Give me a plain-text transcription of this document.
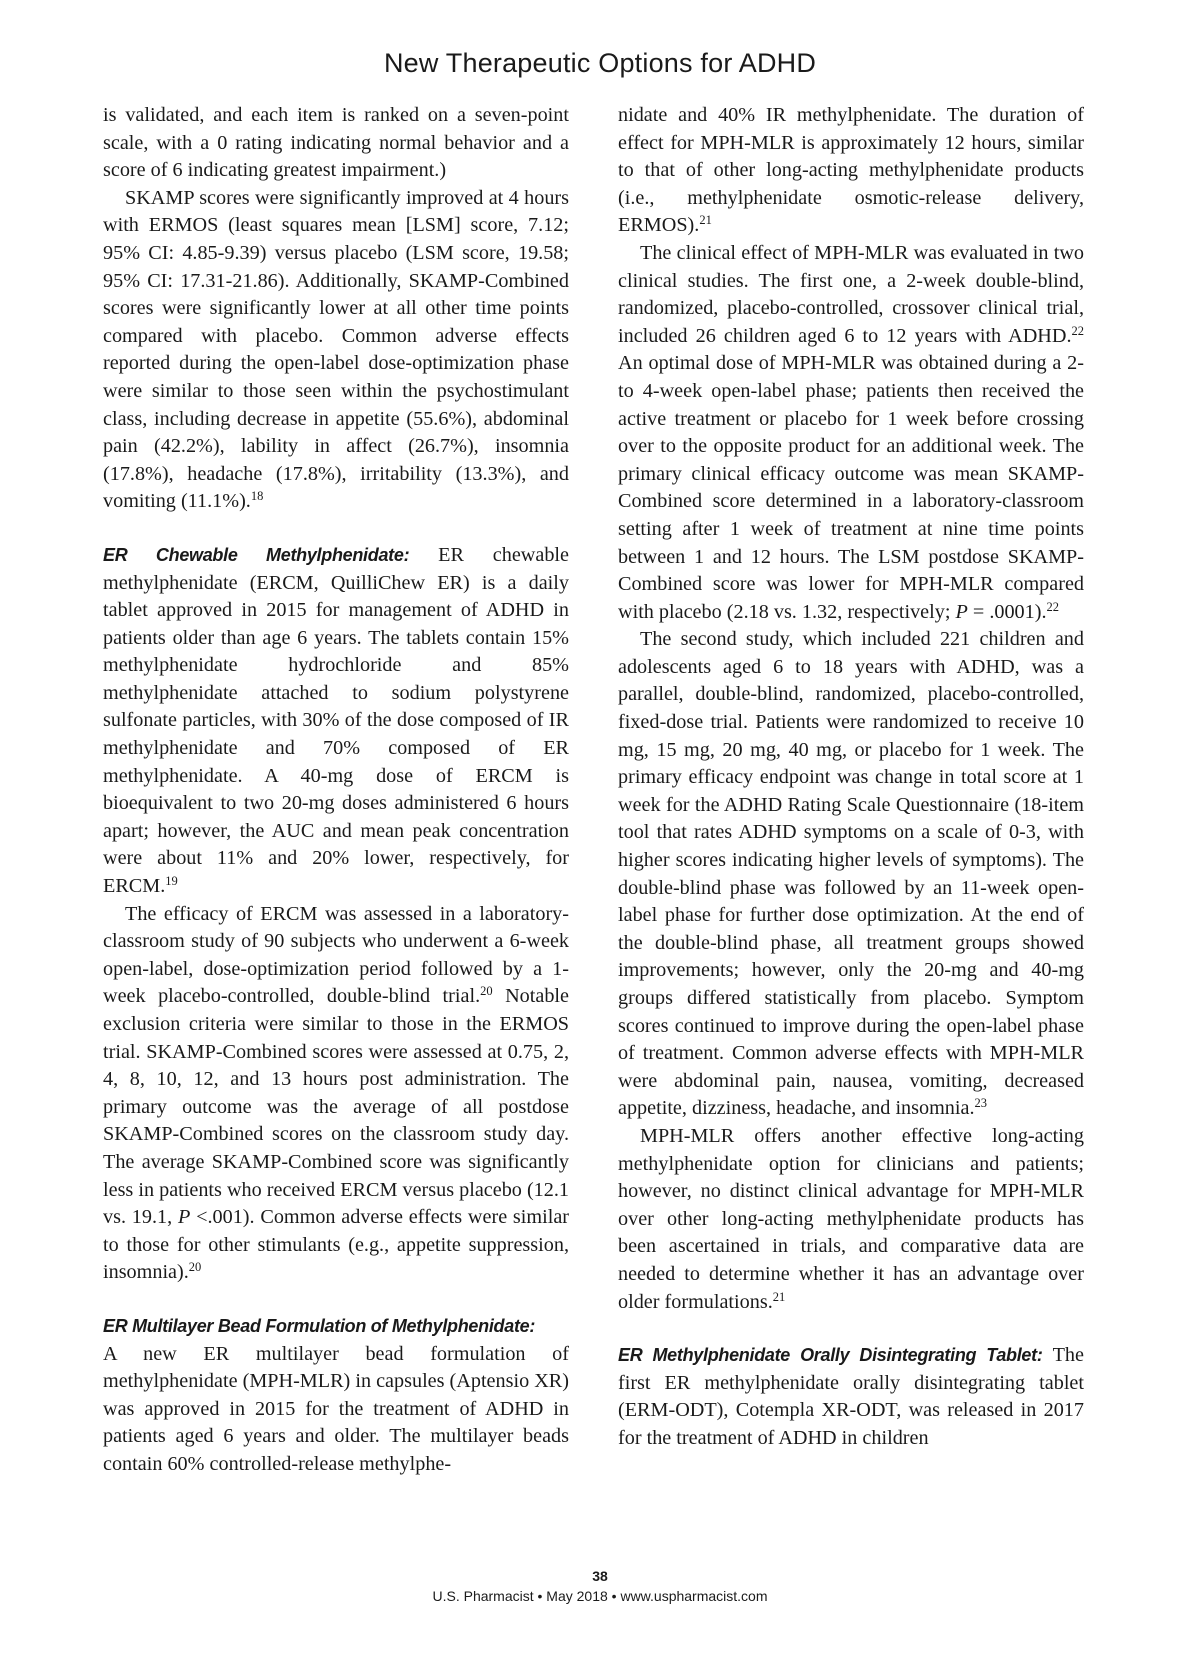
New Therapeutic Options for ADHD

is validated, and each item is ranked on a seven-point scale, with a 0 rating indicating normal behavior and a score of 6 indicating greatest impairment.)

SKAMP scores were significantly improved at 4 hours with ERMOS (least squares mean [LSM] score, 7.12; 95% CI: 4.85-9.39) versus placebo (LSM score, 19.58; 95% CI: 17.31-21.86). Additionally, SKAMP-Combined scores were significantly lower at all other time points compared with placebo. Common adverse effects reported during the open-label dose-optimization phase were similar to those seen within the psychostimulant class, including decrease in appetite (55.6%), abdominal pain (42.2%), lability in affect (26.7%), insomnia (17.8%), headache (17.8%), irritability (13.3%), and vomiting (11.1%).$^{18}$

ER Chewable Methylphenidate: ER chewable methylphenidate (ERCM, QuilliChew ER) is a daily tablet approved in 2015 for management of ADHD in patients older than age 6 years. The tablets contain 15% methylphenidate hydrochloride and 85% methylphenidate attached to sodium polystyrene sulfonate particles, with 30% of the dose composed of IR methylphenidate and 70% composed of ER methylphenidate. A 40-mg dose of ERCM is bioequivalent to two 20-mg doses administered 6 hours apart; however, the AUC and mean peak concentration were about 11% and 20% lower, respectively, for ERCM.$^{19}$

The efficacy of ERCM was assessed in a laboratory-classroom study of 90 subjects who underwent a 6-week open-label, dose-optimization period followed by a 1-week placebo-controlled, double-blind trial.$^{20}$ Notable exclusion criteria were similar to those in the ERMOS trial. SKAMP-Combined scores were assessed at 0.75, 2, 4, 8, 10, 12, and 13 hours post administration. The primary outcome was the average of all postdose SKAMP-Combined scores on the classroom study day. The average SKAMP-Combined score was significantly less in patients who received ERCM versus placebo (12.1 vs. 19.1, P <.001). Common adverse effects were similar to those for other stimulants (e.g., appetite suppression, insomnia).$^{20}$

ER Multilayer Bead Formulation of Methylphenidate:
A new ER multilayer bead formulation of methylphenidate (MPH-MLR) in capsules (Aptensio XR) was approved in 2015 for the treatment of ADHD in patients aged 6 years and older. The multilayer beads contain 60% controlled-release methylphe-

nidate and 40% IR methylphenidate. The duration of effect for MPH-MLR is approximately 12 hours, similar to that of other long-acting methylphenidate products (i.e., methylphenidate osmotic-release delivery, ERMOS).$^{21}$

The clinical effect of MPH-MLR was evaluated in two clinical studies. The first one, a 2-week double-blind, randomized, placebo-controlled, crossover clinical trial, included 26 children aged 6 to 12 years with ADHD.$^{22}$ An optimal dose of MPH-MLR was obtained during a 2- to 4-week open-label phase; patients then received the active treatment or placebo for 1 week before crossing over to the opposite product for an additional week. The primary clinical efficacy outcome was mean SKAMP-Combined score determined in a laboratory-classroom setting after 1 week of treatment at nine time points between 1 and 12 hours. The LSM postdose SKAMP-Combined score was lower for MPH-MLR compared with placebo (2.18 vs. 1.32, respectively; P = .0001).$^{22}$

The second study, which included 221 children and adolescents aged 6 to 18 years with ADHD, was a parallel, double-blind, randomized, placebo-controlled, fixed-dose trial. Patients were randomized to receive 10 mg, 15 mg, 20 mg, 40 mg, or placebo for 1 week. The primary efficacy endpoint was change in total score at 1 week for the ADHD Rating Scale Questionnaire (18-item tool that rates ADHD symptoms on a scale of 0-3, with higher scores indicating higher levels of symptoms). The double-blind phase was followed by an 11-week open-label phase for further dose optimization. At the end of the double-blind phase, all treatment groups showed improvements; however, only the 20-mg and 40-mg groups differed statistically from placebo. Symptom scores continued to improve during the open-label phase of treatment. Common adverse effects with MPH-MLR were abdominal pain, nausea, vomiting, decreased appetite, dizziness, headache, and insomnia.$^{23}$

MPH-MLR offers another effective long-acting methylphenidate option for clinicians and patients; however, no distinct clinical advantage for MPH-MLR over other long-acting methylphenidate products has been ascertained in trials, and comparative data are needed to determine whether it has an advantage over older formulations.$^{21}$

ER Methylphenidate Orally Disintegrating Tablet: The first ER methylphenidate orally disintegrating tablet (ERM-ODT), Cotempla XR-ODT, was released in 2017 for the treatment of ADHD in children

38
U.S. Pharmacist • May 2018 • www.uspharmacist.com
